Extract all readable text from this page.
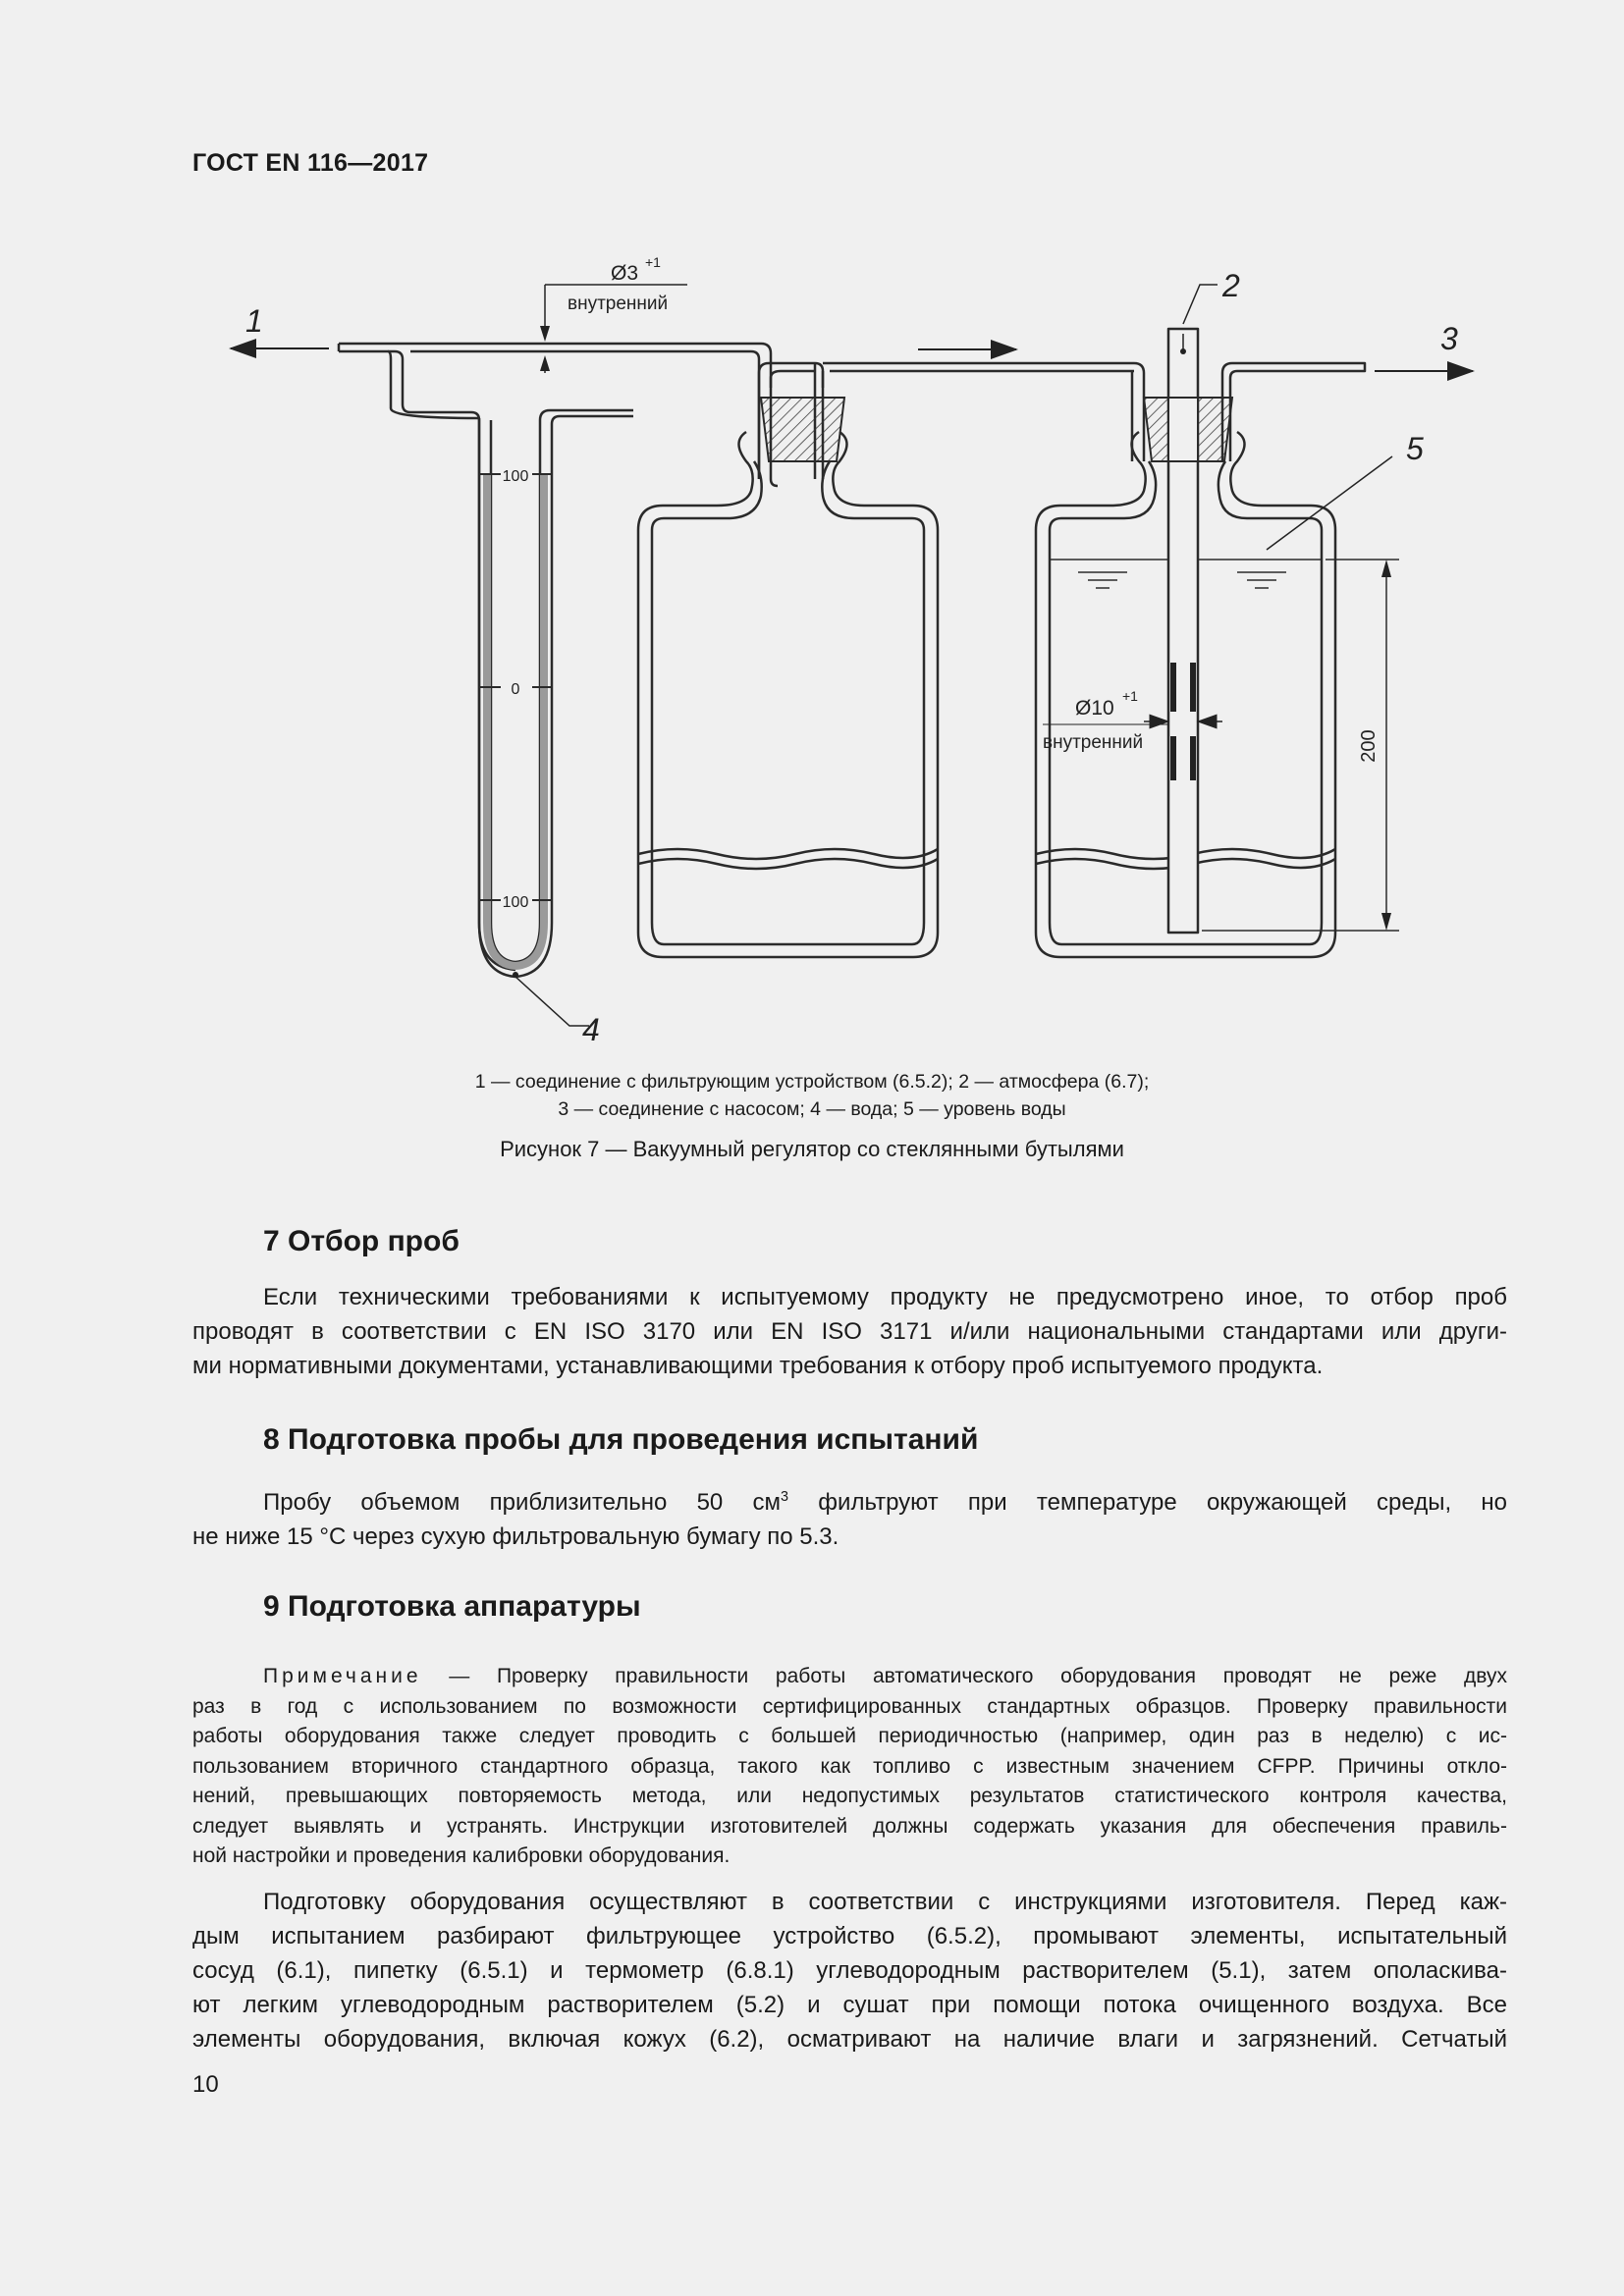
ГОСТ EN 116—2017
100
0
100
200
Ø3 +1
внутренний
Ø10
+1
внутренний
1
2
3
4
5
1 — соединение с фильтрующим устройством (6.5.2); 2 — атмосфера (6.7);
3 — соединение с насосом; 4 — вода; 5 — уровень воды
Рисунок 7 — Вакуумный регулятор со стеклянными бутылями
7 Отбор проб
Если техническими требованиями к испытуемому продукту не предусмотрено иное, то отбор проб
проводят в соответствии с EN ISO 3170 или EN ISO 3171 и/или национальными стандартами или други-
ми нормативными документами, устанавливающими требования к отбору проб испытуемого продукта.
8 Подготовка пробы для проведения испытаний
Пробу объемом приблизительно 50 $см^3$ фильтруют при температуре окружающей среды, но
не ниже 15 °С через сухую фильтровальную бумагу по 5.3.
9 Подготовка аппаратуры
Примечание — Проверку правильности работы автоматического оборудования проводят не реже двух
раз в год с использованием по возможности сертифицированных стандартных образцов. Проверку правильности
работы оборудования также следует проводить с большей периодичностью (например, один раз в неделю) с ис-
пользованием вторичного стандартного образца, такого как топливо с известным значением CFPP. Причины откло-
нений, превышающих повторяемость метода, или недопустимых результатов статистического контроля качества,
следует выявлять и устранять. Инструкции изготовителей должны содержать указания для обеспечения правиль-
ной настройки и проведения калибровки оборудования.
Подготовку оборудования осуществляют в соответствии с инструкциями изготовителя. Перед каж-
дым испытанием разбирают фильтрующее устройство (6.5.2), промывают элементы, испытательный
сосуд (6.1), пипетку (6.5.1) и термометр (6.8.1) углеводородным растворителем (5.1), затем ополаскива-
ют легким углеводородным растворителем (5.2) и сушат при помощи потока очищенного воздуха. Все
элементы оборудования, включая кожух (6.2), осматривают на наличие влаги и загрязнений. Сетчатый
10
